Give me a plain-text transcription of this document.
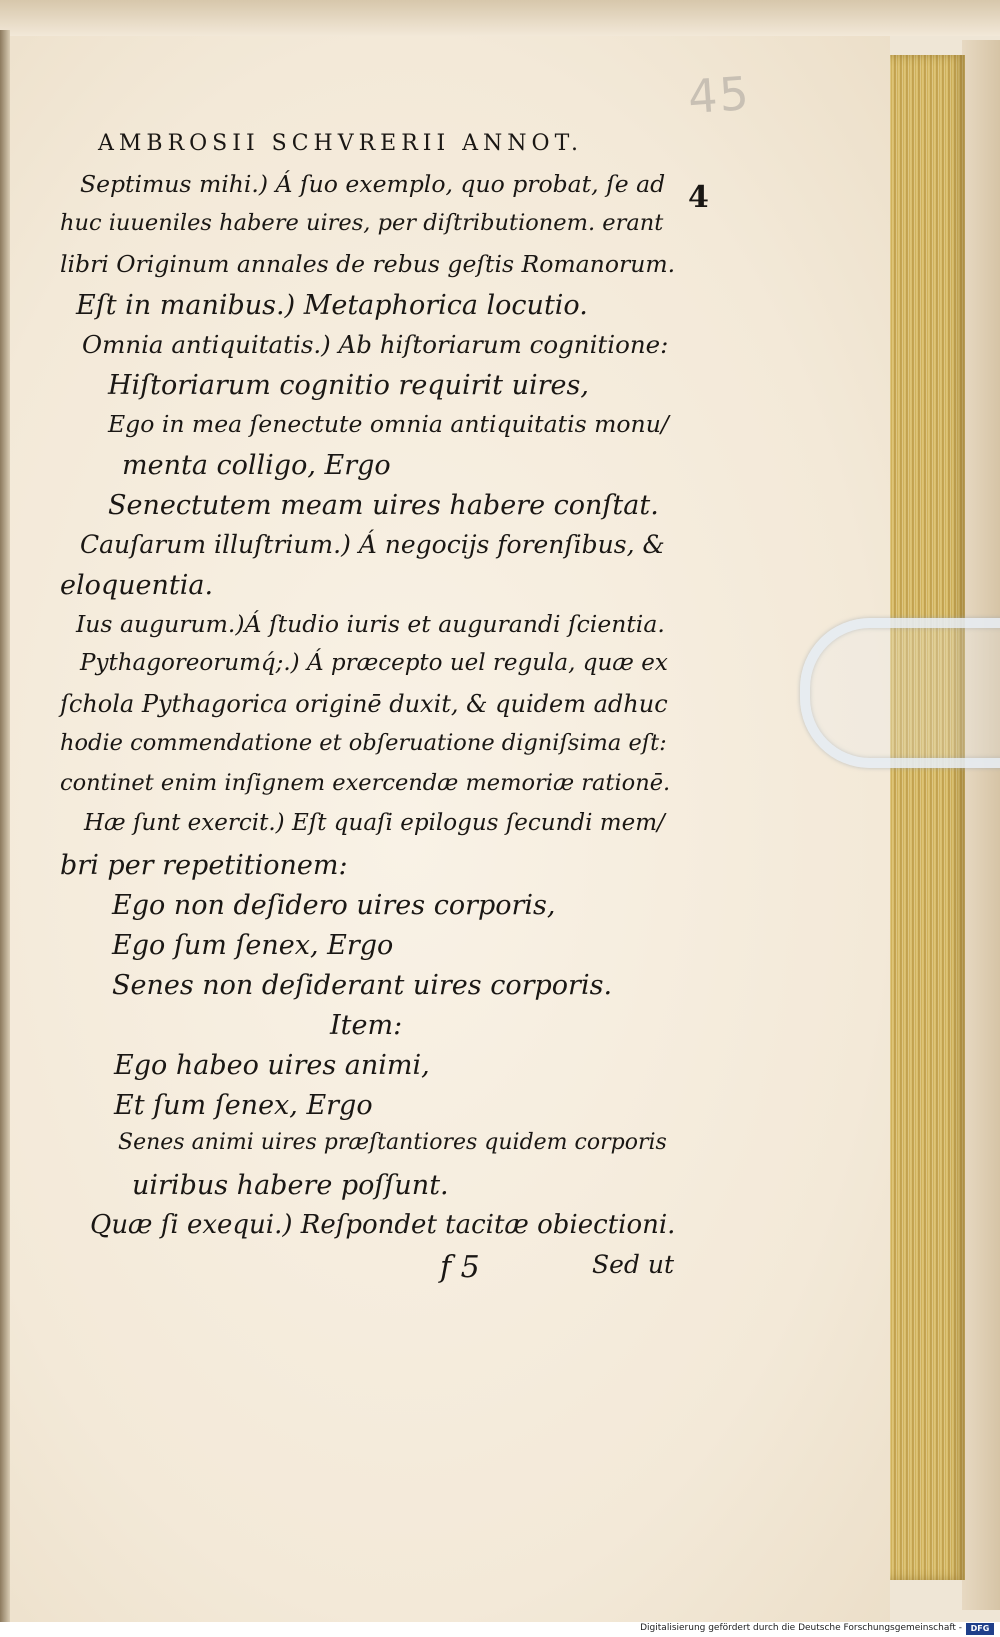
45
AMBROSII SCHVRERII ANNOT.
4
Septimus mihi.) Á ſuo exemplo, quo probat, ſe ad
huc iuueniles habere uires, per diſtributionem. erant
libri Originum annales de rebus geſtis Romanorum.
Eſt in manibus.) Metaphorica locutio.
Omnia antiquitatis.) Ab hiſtoriarum cognitione:
Hiſtoriarum cognitio requirit uires,
Ego in mea ſenectute omnia antiquitatis monu/
menta colligo, Ergo
Senectutem meam uires habere conſtat.
Cauſarum illuſtrium.) Á negocijs forenſibus, &
eloquentia.
Ius augurum.)Á ſtudio iuris et augurandi ſcientia.
Pythagoreorumq́;.) Á præcepto uel regula, quæ ex
ſchola Pythagorica originē duxit, & quidem adhuc
hodie commendatione et obſeruatione digniſsima eſt:
continet enim inſignem exercendæ memoriæ rationē.
Hæ ſunt exercit.) Eſt quaſi epilogus ſecundi mem/
bri per repetitionem:
Ego non deſidero uires corporis,
Ego ſum ſenex, Ergo
Senes non deſiderant uires corporis.
Item:
Ego habeo uires animi,
Et ſum ſenex, Ergo
Senes animi uires præſtantiores quidem corporis
uiribus habere poſſunt.
Quæ ſi exequi.) Reſpondet tacitæ obiectioni.
f 5	Sed ut
Digitalisierung gefördert durch die Deutsche Forschungsgemeinschaft -	DFG
